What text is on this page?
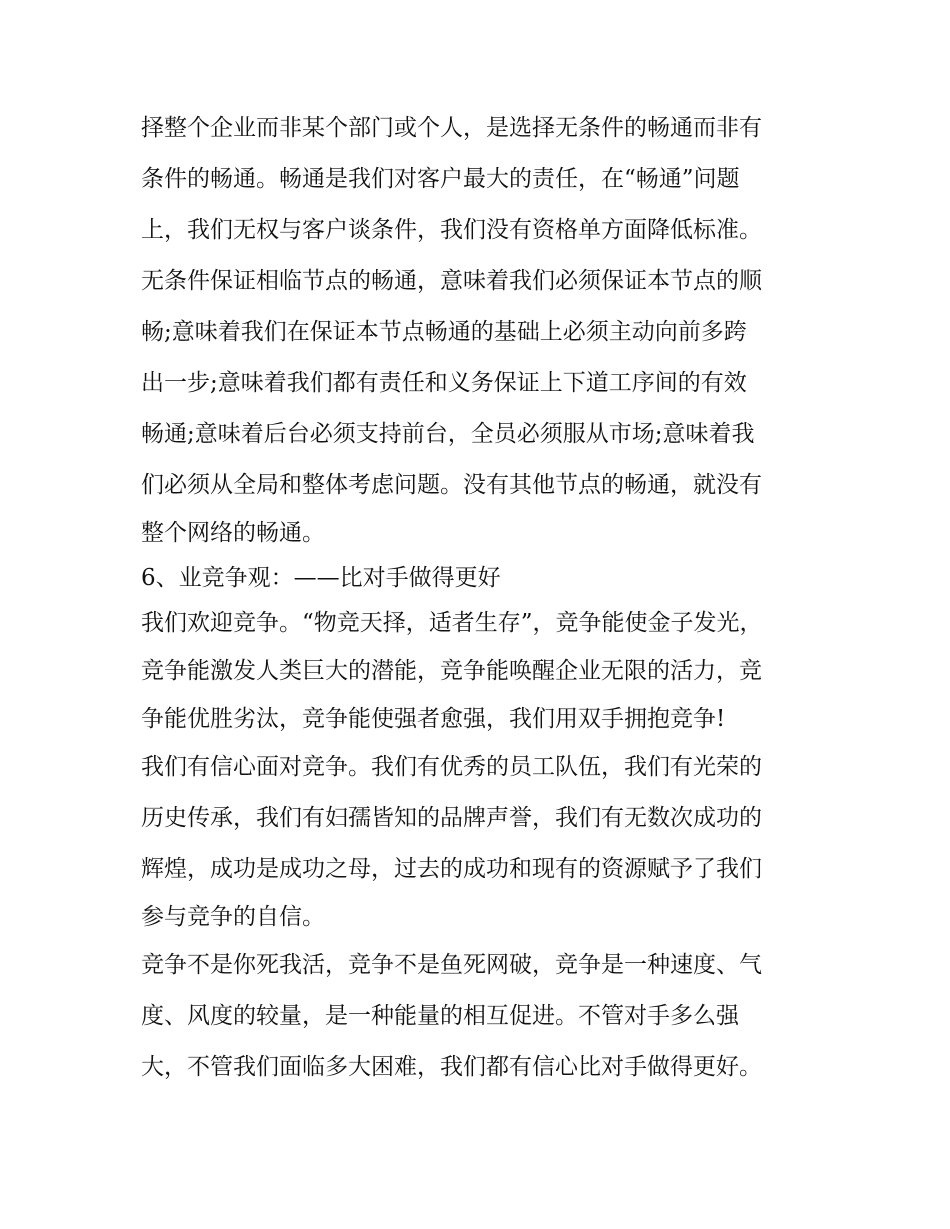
择整个企业而非某个部门或个人，是选择无条件的畅通而非有
条件的畅通。畅通是我们对客户最大的责任，在“畅通”问题
上，我们无权与客户谈条件，我们没有资格单方面降低标准。
无条件保证相临节点的畅通，意味着我们必须保证本节点的顺
畅;意味着我们在保证本节点畅通的基础上必须主动向前多跨
出一步;意味着我们都有责任和义务保证上下道工序间的有效
畅通;意味着后台必须支持前台，全员必须服从市场;意味着我
们必须从全局和整体考虑问题。没有其他节点的畅通，就没有
整个网络的畅通。
6、业竞争观：——比对手做得更好
我们欢迎竞争。“物竞天择，适者生存”，竞争能使金子发光，
竞争能激发人类巨大的潜能，竞争能唤醒企业无限的活力，竞
争能优胜劣汰，竞争能使强者愈强，我们用双手拥抱竞争!
我们有信心面对竞争。我们有优秀的员工队伍，我们有光荣的
历史传承，我们有妇孺皆知的品牌声誉，我们有无数次成功的
辉煌，成功是成功之母，过去的成功和现有的资源赋予了我们
参与竞争的自信。
竞争不是你死我活，竞争不是鱼死网破，竞争是一种速度、气
度、风度的较量，是一种能量的相互促进。不管对手多么强
大，不管我们面临多大困难，我们都有信心比对手做得更好。
